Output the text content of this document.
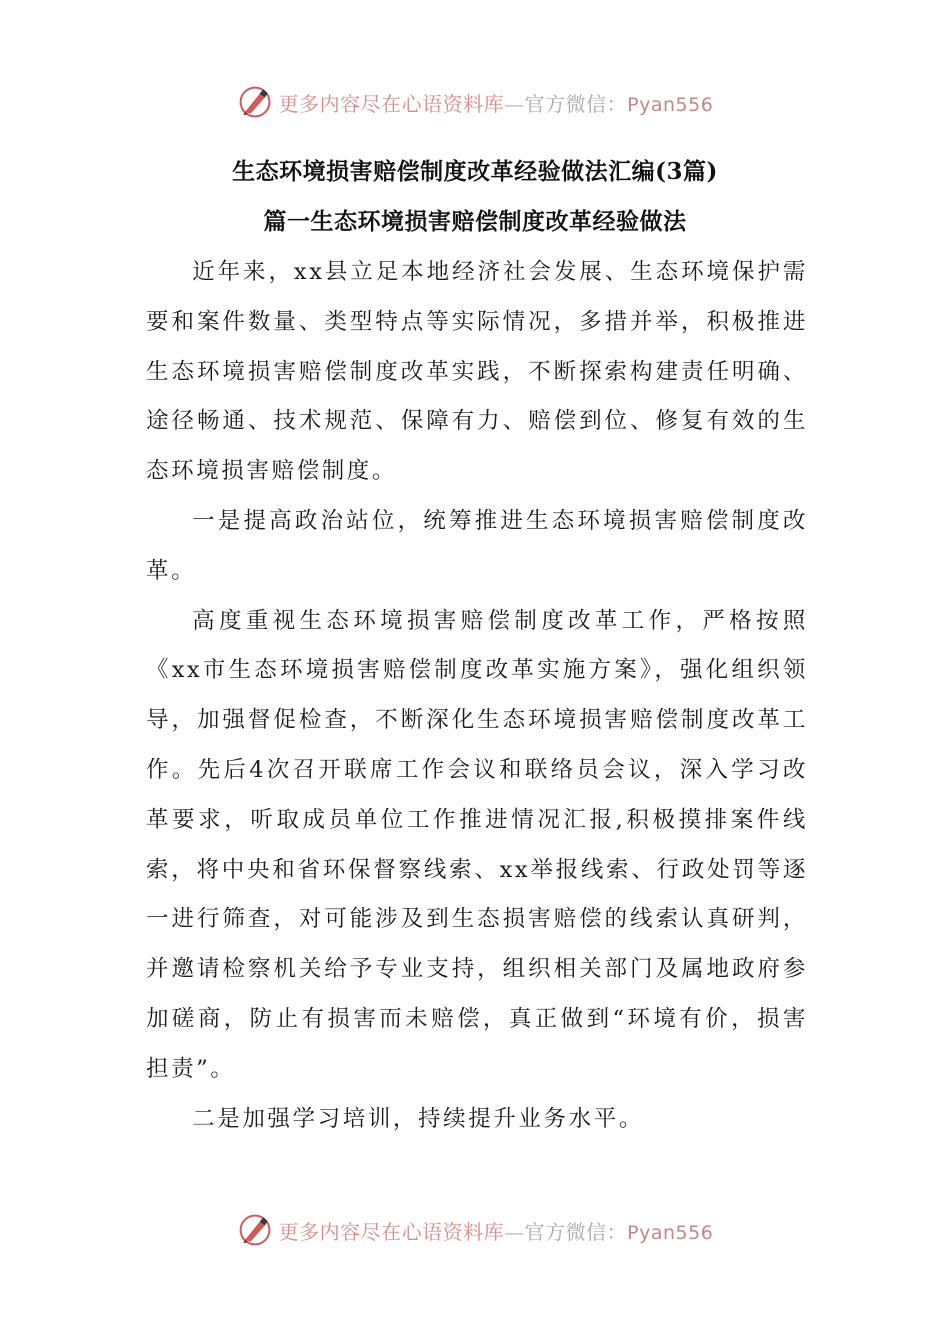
更多内容尽在心语资料库—官方微信：Pyan556
生态环境损害赔偿制度改革经验做法汇编(3篇)
篇一生态环境损害赔偿制度改革经验做法

近年来，xx县立足本地经济社会发展、生态环境保护需要和案件数量、类型特点等实际情况，多措并举，积极推进生态环境损害赔偿制度改革实践，不断探索构建责任明确、途径畅通、技术规范、保障有力、赔偿到位、修复有效的生态环境损害赔偿制度。

一是提高政治站位，统筹推进生态环境损害赔偿制度改革。

高度重视生态环境损害赔偿制度改革工作，严格按照《xx市生态环境损害赔偿制度改革实施方案》，强化组织领导，加强督促检查，不断深化生态环境损害赔偿制度改革工作。先后4次召开联席工作会议和联络员会议，深入学习改革要求，听取成员单位工作推进情况汇报,积极摸排案件线索，将中央和省环保督察线索、xx举报线索、行政处罚等逐一进行筛查，对可能涉及到生态损害赔偿的线索认真研判，并邀请检察机关给予专业支持，组织相关部门及属地政府参加磋商，防止有损害而未赔偿，真正做到“环境有价，损害担责”。

二是加强学习培训，持续提升业务水平。

更多内容尽在心语资料库—官方微信：Pyan556
